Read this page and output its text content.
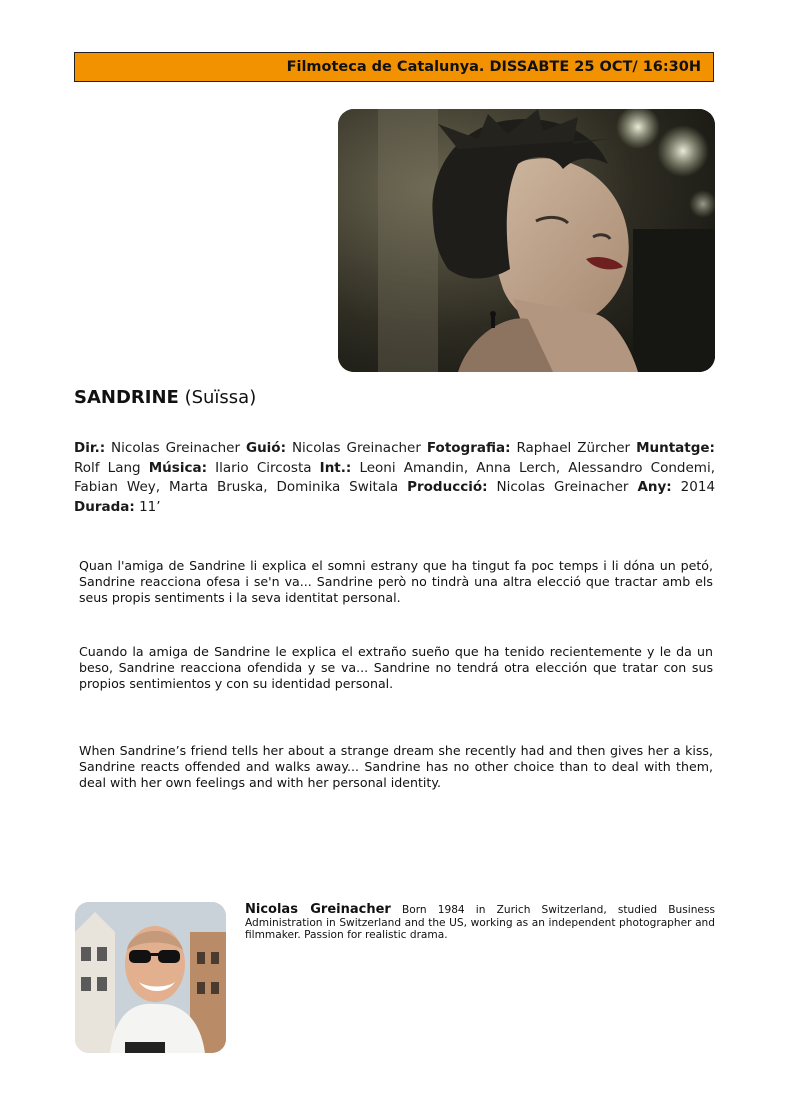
Filmoteca de Catalunya. DISSABTE 25 OCT/ 16:30H
SANDRINE (Suïssa)
Dir.: Nicolas Greinacher Guió: Nicolas Greinacher Fotografia: Raphael Zürcher Muntatge: Rolf Lang Música: Ilario Circosta Int.: Leoni Amandin, Anna Lerch, Alessandro Condemi, Fabian Wey, Marta Bruska, Dominika Switala Producció: Nicolas Greinacher Any: 2014 Durada: 11’

Quan l'amiga de Sandrine li explica el somni estrany que ha tingut fa poc temps i li dóna un petó, Sandrine reacciona ofesa i se'n va... Sandrine però no tindrà una altra elecció que tractar amb els seus propis sentiments i la seva identitat personal.

Cuando la amiga de Sandrine le explica el extraño sueño que ha tenido recientemente y le da un beso, Sandrine reacciona ofendida y se va... Sandrine no tendrá otra elección que tratar con sus propios sentimientos y con su identidad personal.

When Sandrine’s friend tells her about a strange dream she recently had and then gives her a kiss, Sandrine reacts offended and walks away... Sandrine has no other choice than to deal with them, deal with her own feelings and with her personal identity.

Nicolas Greinacher Born 1984 in Zurich Switzerland, studied Business Administration in Switzerland and the US, working as an independent photographer and filmmaker. Passion for realistic drama.
